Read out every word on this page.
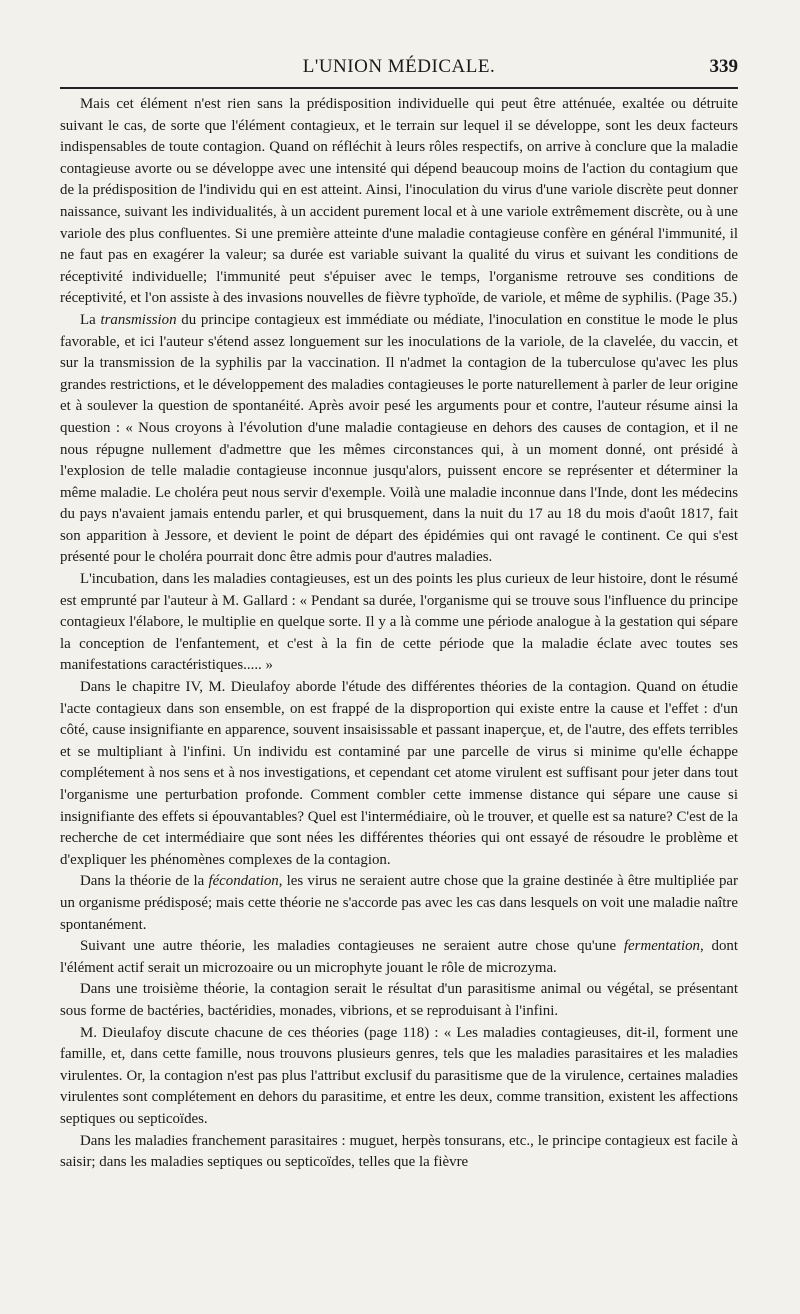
L'UNION MÉDICALE.	339

Mais cet élément n'est rien sans la prédisposition individuelle qui peut être atténuée, exaltée ou détruite suivant le cas, de sorte que l'élément contagieux, et le terrain sur lequel il se développe, sont les deux facteurs indispensables de toute contagion. Quand on réfléchit à leurs rôles respectifs, on arrive à conclure que la maladie contagieuse avorte ou se développe avec une intensité qui dépend beaucoup moins de l'action du contagium que de la prédisposition de l'individu qui en est atteint. Ainsi, l'inoculation du virus d'une variole discrète peut donner naissance, suivant les individualités, à un accident purement local et à une variole extrêmement discrète, ou à une variole des plus confluentes. Si une première atteinte d'une maladie contagieuse confère en général l'immunité, il ne faut pas en exagérer la valeur; sa durée est variable suivant la qualité du virus et suivant les conditions de réceptivité individuelle; l'immunité peut s'épuiser avec le temps, l'organisme retrouve ses conditions de réceptivité, et l'on assiste à des invasions nouvelles de fièvre typhoïde, de variole, et même de syphilis. (Page 35.)

La transmission du principe contagieux est immédiate ou médiate, l'inoculation en constitue le mode le plus favorable, et ici l'auteur s'étend assez longuement sur les inoculations de la variole, de la clavelée, du vaccin, et sur la transmission de la syphilis par la vaccination. Il n'admet la contagion de la tuberculose qu'avec les plus grandes restrictions, et le développement des maladies contagieuses le porte naturellement à parler de leur origine et à soulever la question de spontanéité. Après avoir pesé les arguments pour et contre, l'auteur résume ainsi la question : « Nous croyons à l'évolution d'une maladie contagieuse en dehors des causes de contagion, et il ne nous répugne nullement d'admettre que les mêmes circonstances qui, à un moment donné, ont présidé à l'explosion de telle maladie contagieuse inconnue jusqu'alors, puissent encore se représenter et déterminer la même maladie. Le choléra peut nous servir d'exemple. Voilà une maladie inconnue dans l'Inde, dont les médecins du pays n'avaient jamais entendu parler, et qui brusquement, dans la nuit du 17 au 18 du mois d'août 1817, fait son apparition à Jessore, et devient le point de départ des épidémies qui ont ravagé le continent. Ce qui s'est présenté pour le choléra pourrait donc être admis pour d'autres maladies.

L'incubation, dans les maladies contagieuses, est un des points les plus curieux de leur histoire, dont le résumé est emprunté par l'auteur à M. Gallard : « Pendant sa durée, l'organisme qui se trouve sous l'influence du principe contagieux l'élabore, le multiplie en quelque sorte. Il y a là comme une période analogue à la gestation qui sépare la conception de l'enfantement, et c'est à la fin de cette période que la maladie éclate avec toutes ses manifestations caractéristiques..... »

Dans le chapitre IV, M. Dieulafoy aborde l'étude des différentes théories de la contagion. Quand on étudie l'acte contagieux dans son ensemble, on est frappé de la disproportion qui existe entre la cause et l'effet : d'un côté, cause insignifiante en apparence, souvent insaisissable et passant inaperçue, et, de l'autre, des effets terribles et se multipliant à l'infini. Un individu est contaminé par une parcelle de virus si minime qu'elle échappe complétement à nos sens et à nos investigations, et cependant cet atome virulent est suffisant pour jeter dans tout l'organisme une perturbation profonde. Comment combler cette immense distance qui sépare une cause si insignifiante des effets si épouvantables? Quel est l'intermédiaire, où le trouver, et quelle est sa nature? C'est de la recherche de cet intermédiaire que sont nées les différentes théories qui ont essayé de résoudre le problème et d'expliquer les phénomènes complexes de la contagion.

Dans la théorie de la fécondation, les virus ne seraient autre chose que la graine destinée à être multipliée par un organisme prédisposé; mais cette théorie ne s'accorde pas avec les cas dans lesquels on voit une maladie naître spontanément.

Suivant une autre théorie, les maladies contagieuses ne seraient autre chose qu'une fermentation, dont l'élément actif serait un microzoaire ou un microphyte jouant le rôle de microzyma.

Dans une troisième théorie, la contagion serait le résultat d'un parasitisme animal ou végétal, se présentant sous forme de bactéries, bactéridies, monades, vibrions, et se reproduisant à l'infini.

M. Dieulafoy discute chacune de ces théories (page 118) : « Les maladies contagieuses, dit-il, forment une famille, et, dans cette famille, nous trouvons plusieurs genres, tels que les maladies parasitaires et les maladies virulentes. Or, la contagion n'est pas plus l'attribut exclusif du parasitisme que de la virulence, certaines maladies virulentes sont complétement en dehors du parasitime, et entre les deux, comme transition, existent les affections septiques ou septicoïdes.

Dans les maladies franchement parasitaires : muguet, herpès tonsurans, etc., le principe contagieux est facile à saisir; dans les maladies septiques ou septicoïdes, telles que la fièvre
